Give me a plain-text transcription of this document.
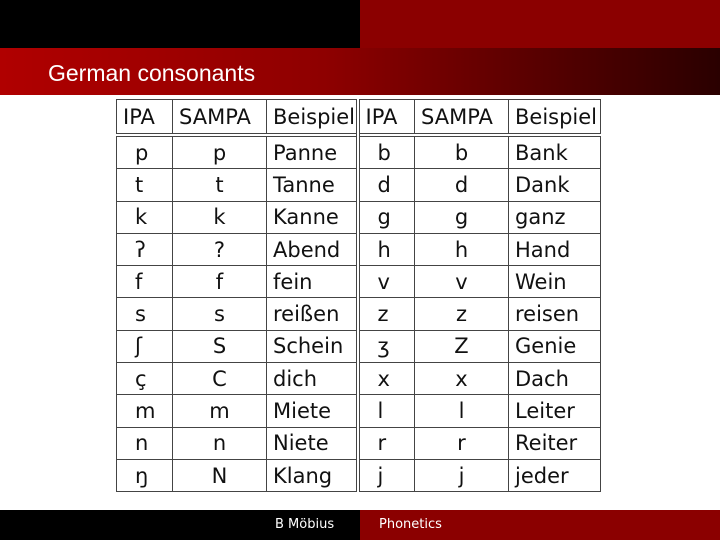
German consonants
IPA	SAMPA	Beispiel	IPA	SAMPA	Beispiel
p	p	Panne	b	b	Bank
t	t	Tanne	d	d	Dank
k	k	Kanne	g	g	ganz
ʔ	?	Abend	h	h	Hand
f	f	fein	v	v	Wein
s	s	reißen	z	z	reisen
ʃ	S	Schein	ʒ	Z	Genie
ç	C	dich	x	x	Dach
m	m	Miete	l	l	Leiter
n	n	Niete	r	r	Reiter
ŋ	N	Klang	j	j	jeder
B Möbius	Phonetics
